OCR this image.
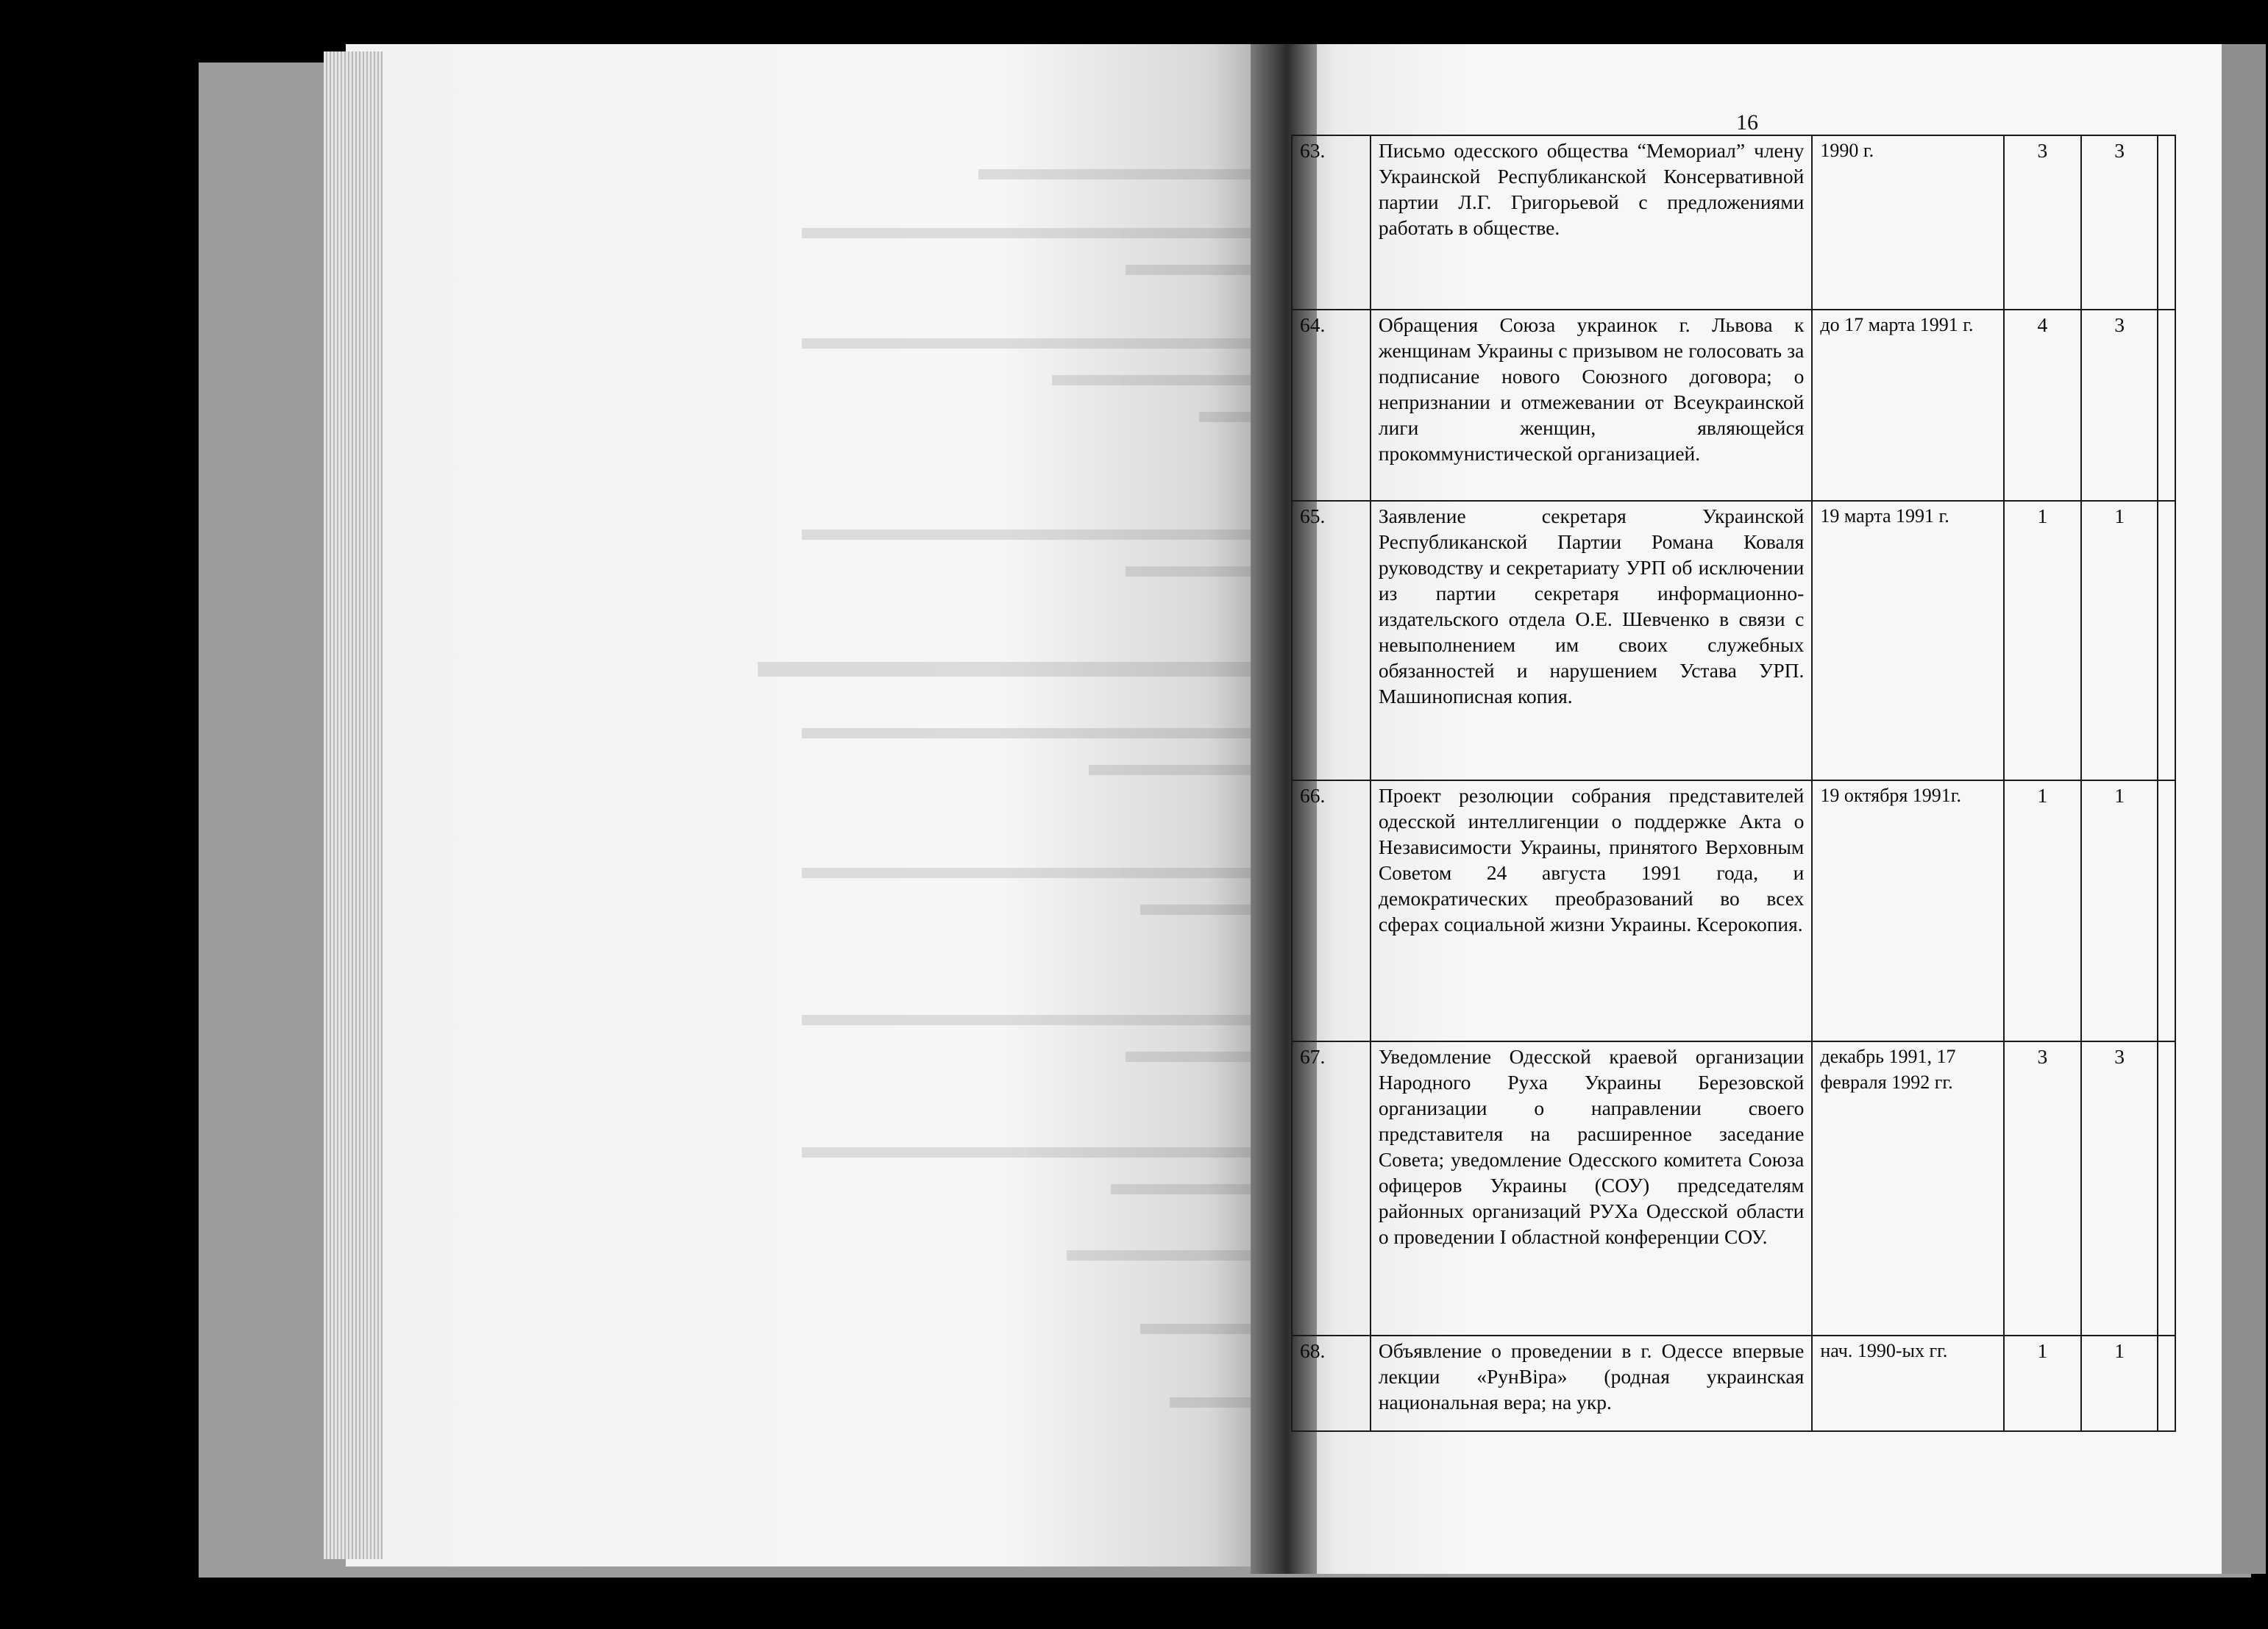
16
63.	Письмо одесского общества “Мемориал” члену Украинской Республиканской Консервативной партии Л.Г. Григорьевой с предложениями работать в обществе.	1990 г.	3	3	
64.	Обращения Союза украинок г. Львова к женщинам Украины с призывом не голосовать за подписание нового Союзного договора; о непризнании и отмежевании от Всеукраинской лиги женщин, являющейся прокоммунистической организацией.	до 17 марта 1991 г.	4	3	
65.	Заявление секретаря Украинской Республиканской Партии Романа Коваля руководству и секретариату УРП об исключении из партии секретаря информационно-издательского отдела О.Е. Шевченко в связи с невыполнением им своих служебных обязанностей и нарушением Устава УРП. Машинописная копия.	19 марта 1991 г.	1	1	
66.	Проект резолюции собрания представителей одесской интеллигенции о поддержке Акта о Независимости Украины, принятого Верховным Советом 24 августа 1991 года, и демократических преобразований во всех сферах социальной жизни Украины. Ксерокопия.	19 октября 1991г.	1	1	
67.	Уведомление Одесской краевой организации Народного Руха Украины Березовской организации о направлении своего представителя на расширенное заседание Совета; уведомление Одесского комитета Союза офицеров Украины (СОУ) председателям районных организаций РУХа Одесской области о проведении I областной конференции СОУ.	декабрь 1991, 17 февраля 1992 гг.	3	3	
68.	Объявление о проведении в г. Одессе впервые лекции «РунВіра» (родная украинская национальная вера; на укр.	нач. 1990-ых гг.	1	1	
